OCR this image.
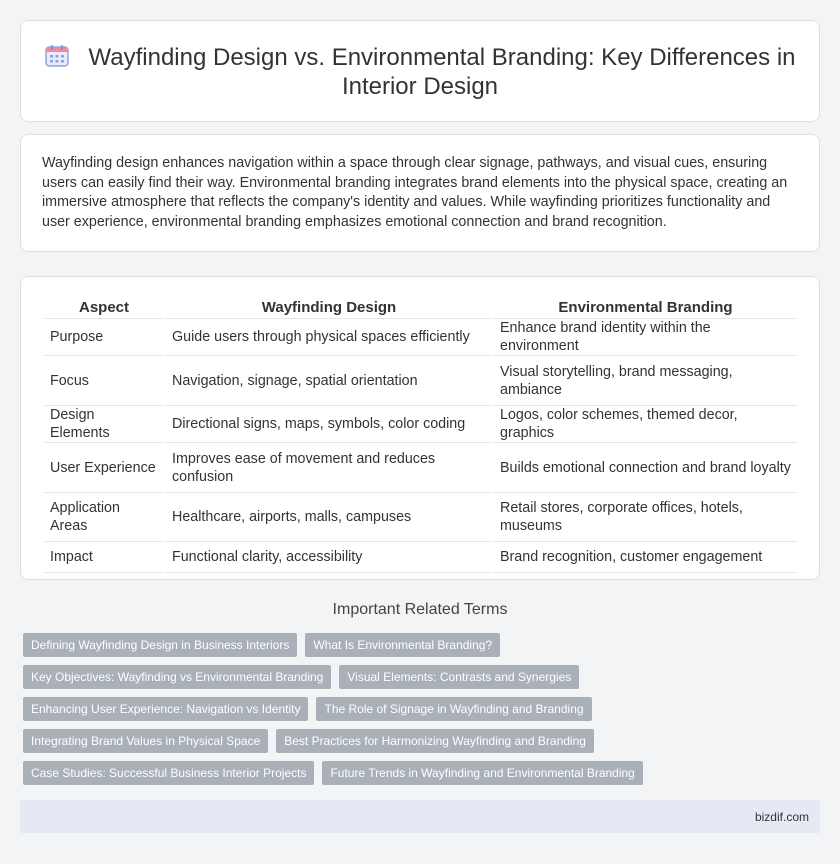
Wayfinding Design vs. Environmental Branding: Key Differences in Interior Design

Wayfinding design enhances navigation within a space through clear signage, pathways, and visual cues, ensuring users can easily find their way. Environmental branding integrates brand elements into the physical space, creating an immersive atmosphere that reflects the company's identity and values. While wayfinding prioritizes functionality and user experience, environmental branding emphasizes emotional connection and brand recognition.

Aspect	Wayfinding Design	Environmental Branding
Purpose	Guide users through physical spaces efficiently	Enhance brand identity within the environment
Focus	Navigation, signage, spatial orientation	Visual storytelling, brand messaging, ambiance
Design Elements	Directional signs, maps, symbols, color coding	Logos, color schemes, themed decor, graphics
User Experience	Improves ease of movement and reduces confusion	Builds emotional connection and brand loyalty
Application Areas	Healthcare, airports, malls, campuses	Retail stores, corporate offices, hotels, museums
Impact	Functional clarity, accessibility	Brand recognition, customer engagement
Important Related Terms
Defining Wayfinding Design in Business Interiors	What Is Environmental Branding?
Key Objectives: Wayfinding vs Environmental Branding	Visual Elements: Contrasts and Synergies
Enhancing User Experience: Navigation vs Identity	The Role of Signage in Wayfinding and Branding
Integrating Brand Values in Physical Space	Best Practices for Harmonizing Wayfinding and Branding
Case Studies: Successful Business Interior Projects	Future Trends in Wayfinding and Environmental Branding
bizdif.com
